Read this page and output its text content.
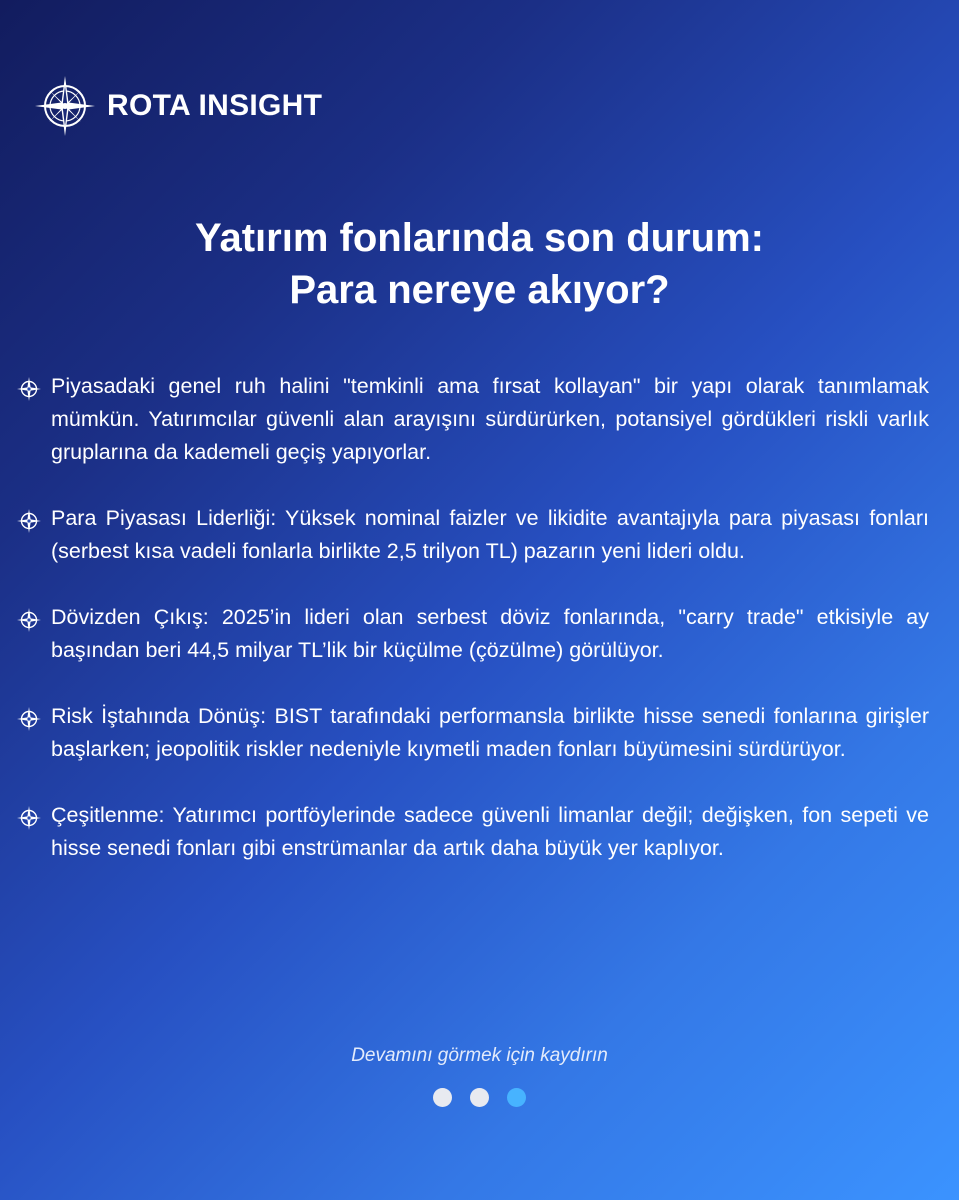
ROTA INSIGHT
Yatırım fonlarında son durum:
Para nereye akıyor?
Piyasadaki genel ruh halini "temkinli ama fırsat kollayan" bir yapı olarak tanımlamak mümkün. Yatırımcılar güvenli alan arayışını sürdürürken, potansiyel gördükleri riskli varlık gruplarına da kademeli geçiş yapıyorlar.
Para Piyasası Liderliği: Yüksek nominal faizler ve likidite avantajıyla para piyasası fonları (serbest kısa vadeli fonlarla birlikte 2,5 trilyon TL) pazarın yeni lideri oldu.
Dövizden Çıkış: 2025’in lideri olan serbest döviz fonlarında, "carry trade" etkisiyle ay başından beri 44,5 milyar TL’lik bir küçülme (çözülme) görülüyor.
Risk İştahında Dönüş: BIST tarafındaki performansla birlikte hisse senedi fonlarına girişler başlarken; jeopolitik riskler nedeniyle kıymetli maden fonları büyümesini sürdürüyor.
Çeşitlenme: Yatırımcı portföylerinde sadece güvenli limanlar değil; değişken, fon sepeti ve hisse senedi fonları gibi enstrümanlar da artık daha büyük yer kaplıyor.
Devamını görmek için kaydırın
